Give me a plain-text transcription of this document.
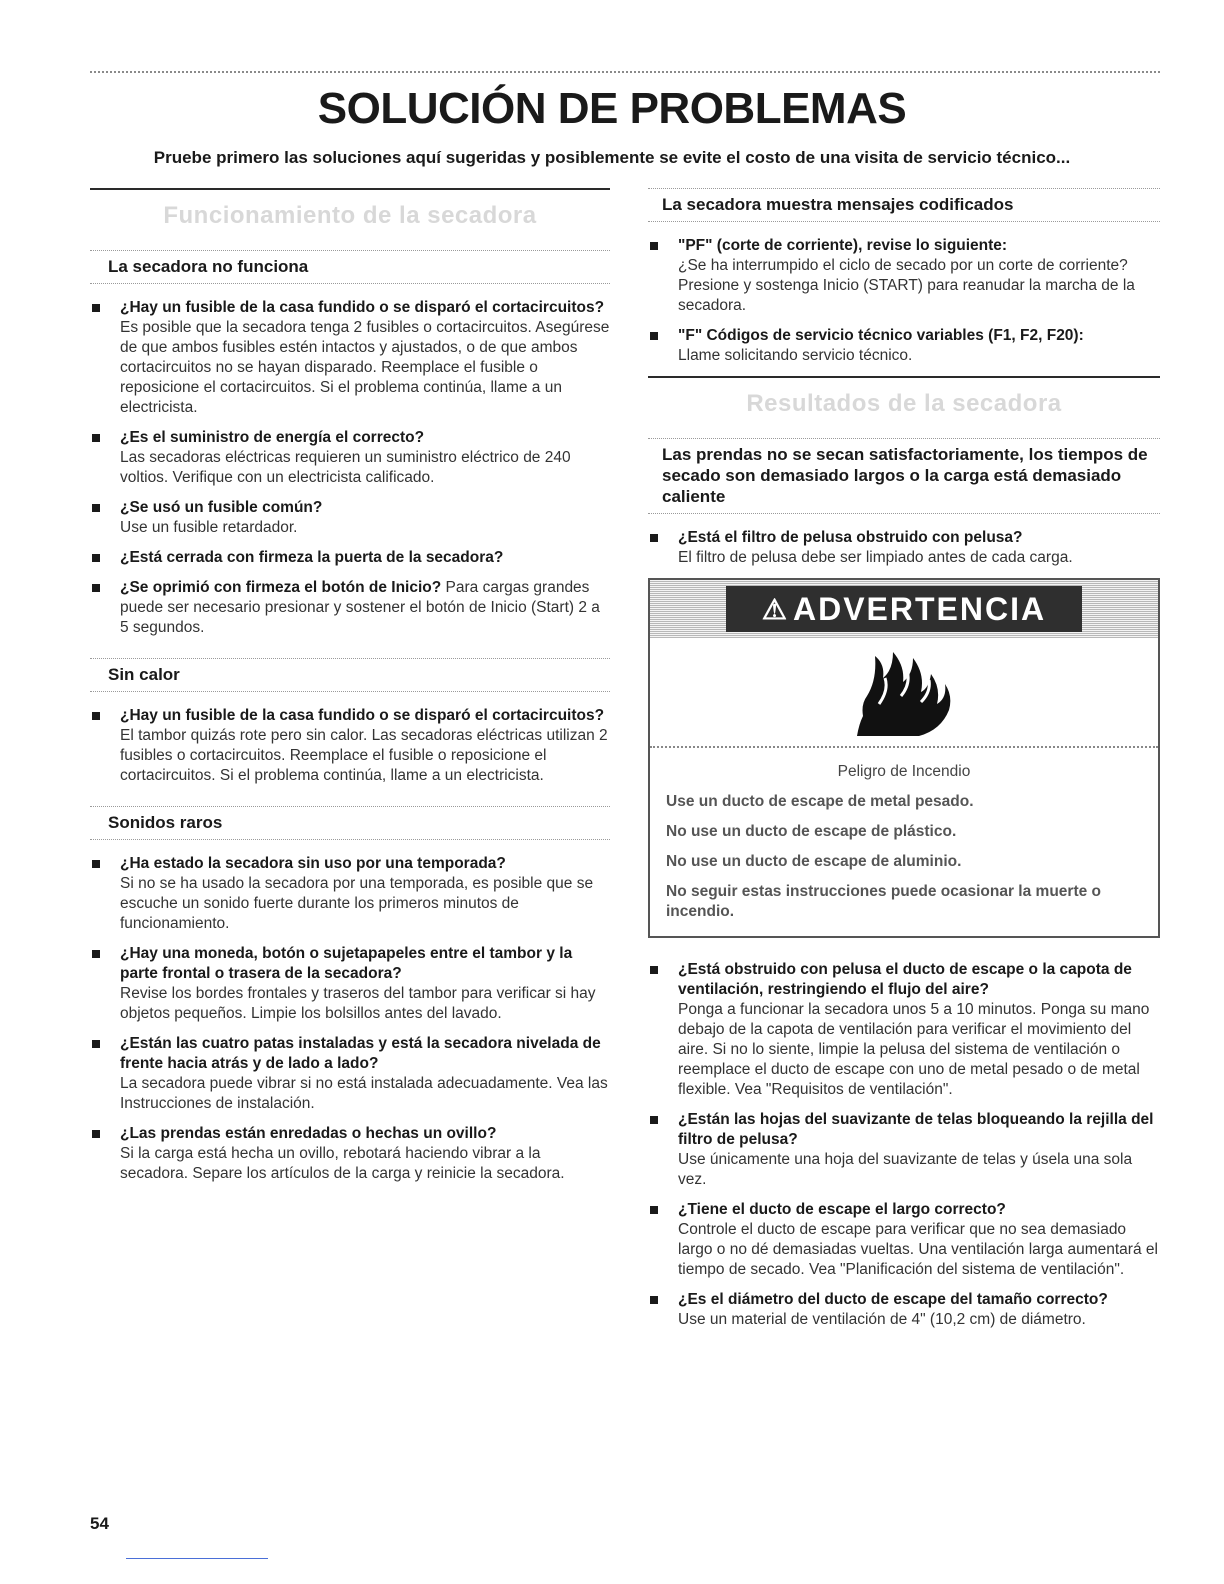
SOLUCIÓN DE PROBLEMAS

Pruebe primero las soluciones aquí sugeridas y posiblemente se evite el costo de una visita de servicio técnico...

Funcionamiento de la secadora
La secadora no funciona
¿Hay un fusible de la casa fundido o se disparó el cortacircuitos?
Es posible que la secadora tenga 2 fusibles o cortacircuitos. Asegúrese de que ambos fusibles estén intactos y ajustados, o de que ambos cortacircuitos no se hayan disparado. Reemplace el fusible o reposicione el cortacircuitos. Si el problema continúa, llame a un electricista.
¿Es el suministro de energía el correcto?
Las secadoras eléctricas requieren un suministro eléctrico de 240 voltios. Verifique con un electricista calificado.
¿Se usó un fusible común?
Use un fusible retardador.
¿Está cerrada con firmeza la puerta de la secadora?
¿Se oprimió con firmeza el botón de Inicio? Para cargas grandes puede ser necesario presionar y sostener el botón de Inicio (Start) 2 a 5 segundos.
Sin calor
¿Hay un fusible de la casa fundido o se disparó el cortacircuitos?
El tambor quizás rote pero sin calor. Las secadoras eléctricas utilizan 2 fusibles o cortacircuitos. Reemplace el fusible o reposicione el cortacircuitos. Si el problema continúa, llame a un electricista.
Sonidos raros
¿Ha estado la secadora sin uso por una temporada?
Si no se ha usado la secadora por una temporada, es posible que se escuche un sonido fuerte durante los primeros minutos de funcionamiento.
¿Hay una moneda, botón o sujetapapeles entre el tambor y la parte frontal o trasera de la secadora?
Revise los bordes frontales y traseros del tambor para verificar si hay objetos pequeños. Limpie los bolsillos antes del lavado.
¿Están las cuatro patas instaladas y está la secadora nivelada de frente hacia atrás y de lado a lado?
La secadora puede vibrar si no está instalada adecuadamente. Vea las Instrucciones de instalación.
¿Las prendas están enredadas o hechas un ovillo?
Si la carga está hecha un ovillo, rebotará haciendo vibrar a la secadora. Separe los artículos de la carga y reinicie la secadora.
La secadora muestra mensajes codificados
"PF" (corte de corriente), revise lo siguiente:
¿Se ha interrumpido el ciclo de secado por un corte de corriente? Presione y sostenga Inicio (START) para reanudar la marcha de la secadora.
"F" Códigos de servicio técnico variables (F1, F2, F20):
Llame solicitando servicio técnico.
Resultados de la secadora
Las prendas no se secan satisfactoriamente, los tiempos de secado son demasiado largos o la carga está demasiado caliente
¿Está el filtro de pelusa obstruido con pelusa?
El filtro de pelusa debe ser limpiado antes de cada carga.
⚠ ADVERTENCIA

Peligro de Incendio

Use un ducto de escape de metal pesado.

No use un ducto de escape de plástico.

No use un ducto de escape de aluminio.

No seguir estas instrucciones puede ocasionar la muerte o incendio.

¿Está obstruido con pelusa el ducto de escape o la capota de ventilación, restringiendo el flujo del aire?
Ponga a funcionar la secadora unos 5 a 10 minutos. Ponga su mano debajo de la capota de ventilación para verificar el movimiento del aire. Si no lo siente, limpie la pelusa del sistema de ventilación o reemplace el ducto de escape con uno de metal pesado o de metal flexible. Vea "Requisitos de ventilación".
¿Están las hojas del suavizante de telas bloqueando la rejilla del filtro de pelusa?
Use únicamente una hoja del suavizante de telas y úsela una sola vez.
¿Tiene el ducto de escape el largo correcto?
Controle el ducto de escape para verificar que no sea demasiado largo o no dé demasiadas vueltas. Una ventilación larga aumentará el tiempo de secado. Vea "Planificación del sistema de ventilación".
¿Es el diámetro del ducto de escape del tamaño correcto?
Use un material de ventilación de 4" (10,2 cm) de diámetro.

54
